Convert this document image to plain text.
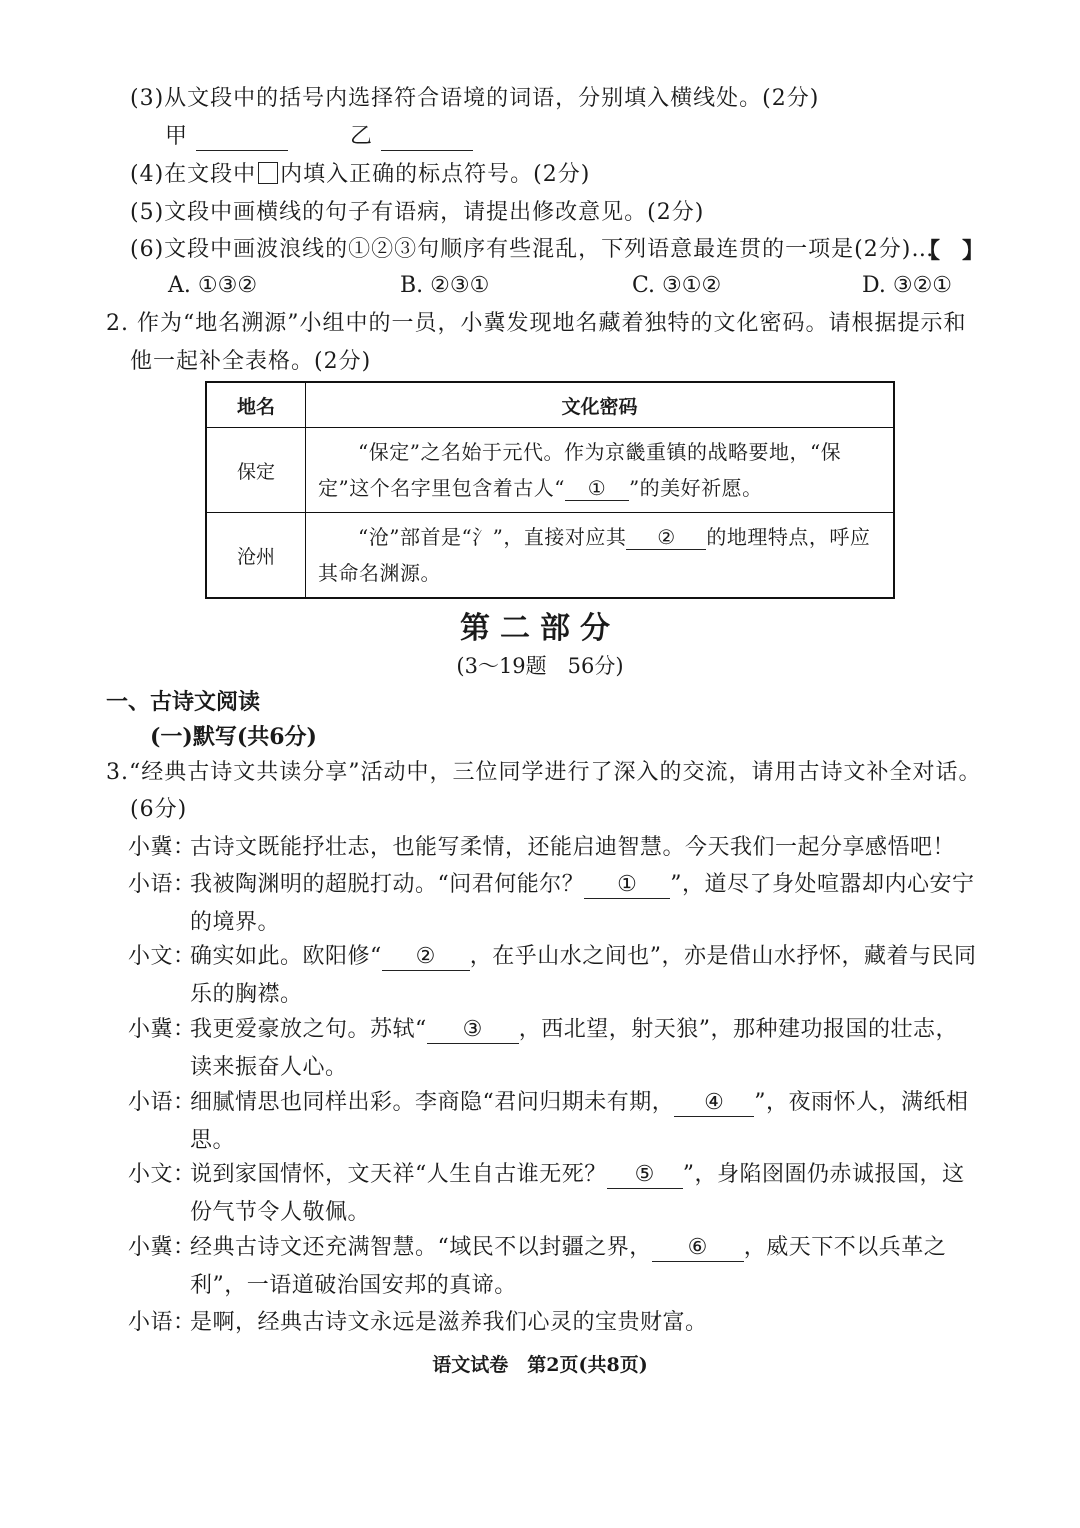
(3)从文段中的括号内选择符合语境的词语，分别填入横线处。(2分)
甲	乙
(4)在文段中 内填入正确的标点符号。(2分)
(5)文段中画横线的句子有语病，请提出修改意见。(2分)
(6)文段中画波浪线的①②③句顺序有些混乱，下列语意最连贯的一项是(2分)…
【　】
A. ①③②	B. ②③①	C. ③①②	D. ③②①
2. 作为“地名溯源”小组中的一员，小冀发现地名藏着独特的文化密码。请根据提示和
他一起补全表格。(2分)
地名	文化密码
保定	“保定”之名始于元代。作为京畿重镇的战略要地，“保定”这个名字里包含着古人“ ① ”的美好祈愿。
沧州	“沧”部首是“氵”，直接对应其 ② 的地理特点，呼应其命名渊源。
第二部分
(3～19题　56分)
一、古诗文阅读
(一)默写(共6分)
3.“经典古诗文共读分享”活动中，三位同学进行了深入的交流，请用古诗文补全对话。
(6分)
小冀：
古诗文既能抒壮志，也能写柔情，还能启迪智慧。今天我们一起分享感悟吧！
小语：
我被陶渊明的超脱打动。“问君何能尔？ ① ”，道尽了身处喧嚣却内心安宁的境界。
小文：
确实如此。欧阳修“ ② ，在乎山水之间也”，亦是借山水抒怀，藏着与民同乐的胸襟。
小冀：
我更爱豪放之句。苏轼“ ③ ，西北望，射天狼”，那种建功报国的壮志，读来振奋人心。
小语：
细腻情思也同样出彩。李商隐“君问归期未有期， ④ ”，夜雨怀人，满纸相思。
小文：
说到家国情怀，文天祥“人生自古谁无死？ ⑤ ”，身陷囹圄仍赤诚报国，这份气节令人敬佩。
小冀：
经典古诗文还充满智慧。“域民不以封疆之界， ⑥ ，威天下不以兵革之利”，一语道破治国安邦的真谛。
小语：
是啊，经典古诗文永远是滋养我们心灵的宝贵财富。
语文试卷　第2页(共8页)
